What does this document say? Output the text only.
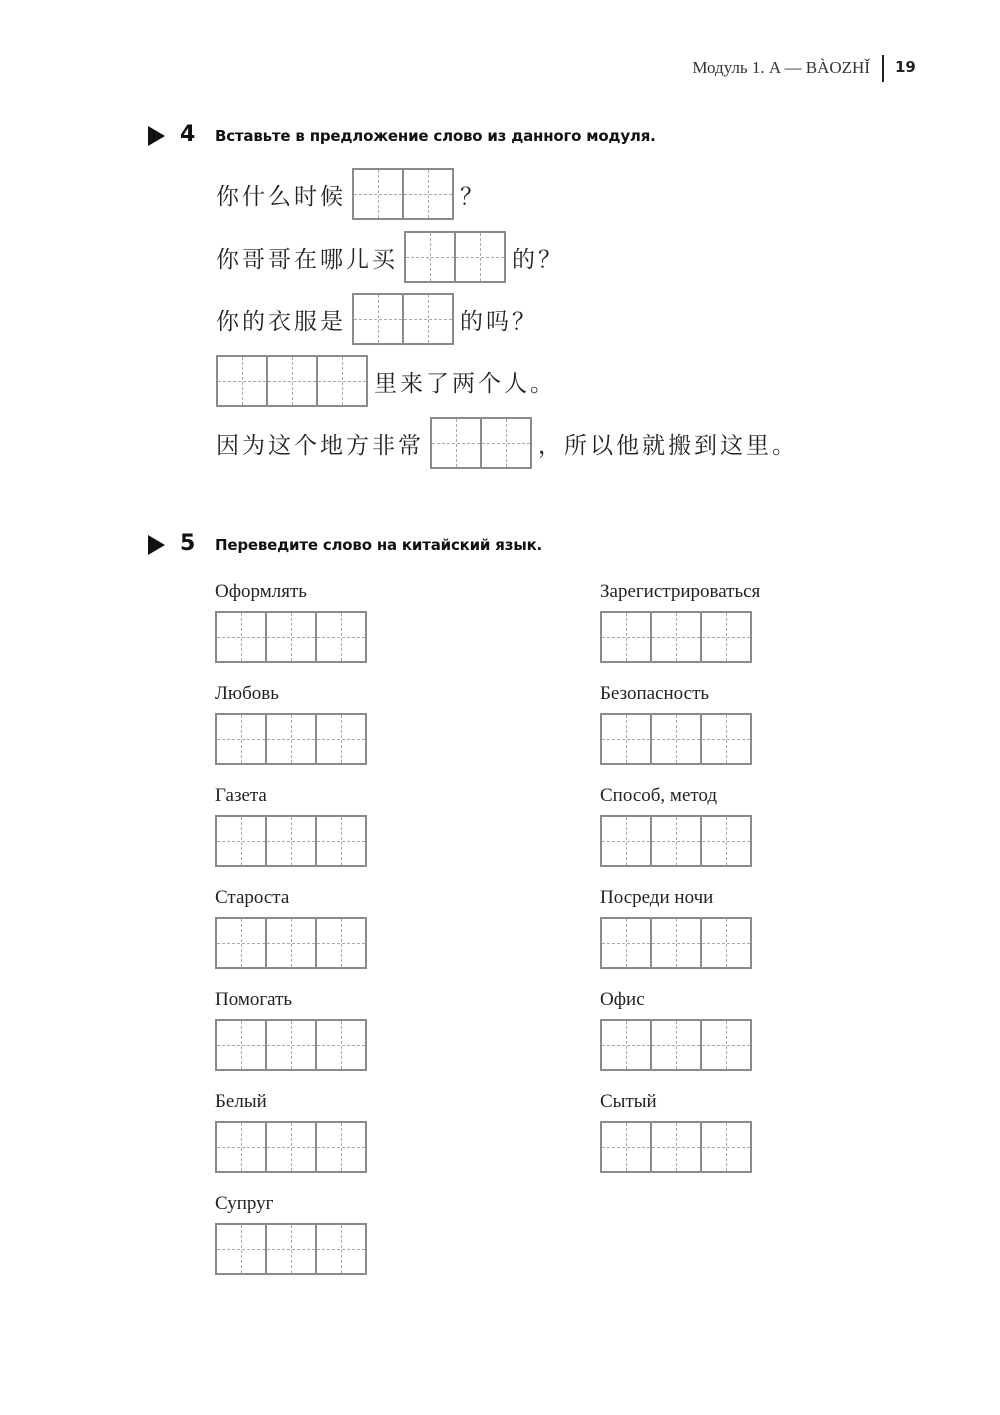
Модуль 1. A — BÀOZHǏ 19
4 Вставьте в предложение слово из данного модуля.
你什么时候	？
你哥哥在哪儿买	的？
你的衣服是	的吗？
里来了两个人。
因为这个地方非常	，所以他就搬到这里。
5 Переведите слово на китайский язык.
Оформлять
Любовь
Газета
Староста
Помогать
Белый
Супруг
Зарегистрироваться
Безопасность
Способ, метод
Посреди ночи
Офис
Сытый
